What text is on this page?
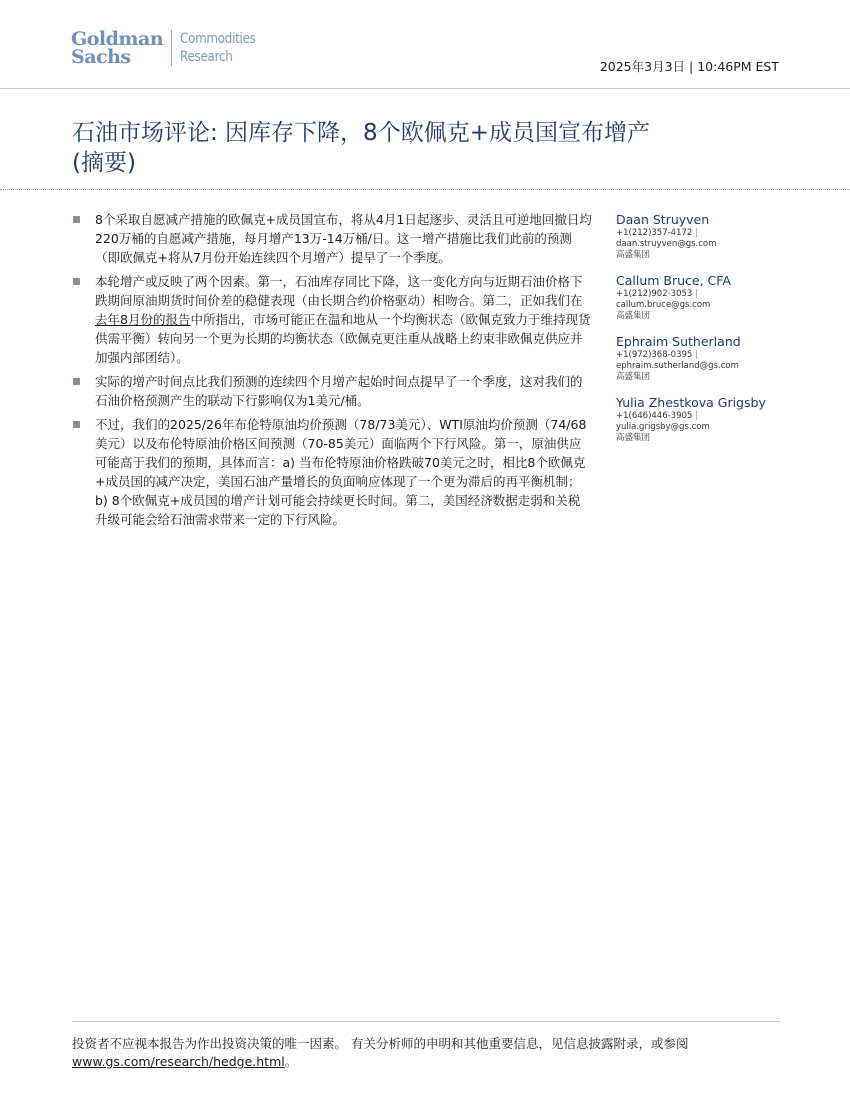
Goldman
Sachs
Commodities
Research
2025年3月3日 | 10:46PM EST
石油市场评论: 因库存下降，8个欧佩克+成员国宣布增产
(摘要)
8个采取自愿减产措施的欧佩克+成员国宣布，将从4月1日起逐步、灵活且可逆地回撤日均220万桶的自愿减产措施，每月增产13万-14万桶/日。这一增产措施比我们此前的预测（即欧佩克+将从7月份开始连续四个月增产）提早了一个季度。
本轮增产或反映了两个因素。第一，石油库存同比下降，这一变化方向与近期石油价格下跌期间原油期货时间价差的稳健表现（由长期合约价格驱动）相吻合。第二，正如我们在去年8月份的报告中所指出，市场可能正在温和地从一个均衡状态（欧佩克致力于维持现货供需平衡）转向另一个更为长期的均衡状态（欧佩克更注重从战略上约束非欧佩克供应并加强内部团结）。
实际的增产时间点比我们预测的连续四个月增产起始时间点提早了一个季度，这对我们的石油价格预测产生的联动下行影响仅为1美元/桶。
不过，我们的2025/26年布伦特原油均价预测（78/73美元）、WTI原油均价预测（74/68美元）以及布伦特原油价格区间预测（70-85美元）面临两个下行风险。第一，原油供应可能高于我们的预期，具体而言：a) 当布伦特原油价格跌破70美元之时，相比8个欧佩克+成员国的减产决定，美国石油产量增长的负面响应体现了一个更为滞后的再平衡机制；b) 8个欧佩克+成员国的增产计划可能会持续更长时间。第二，美国经济数据走弱和关税升级可能会给石油需求带来一定的下行风险。
Daan Struyven
+1(212)357-4172 |
daan.struyven@gs.com
高盛集团
Callum Bruce, CFA
+1(212)902-3053 |
callum.bruce@gs.com
高盛集团
Ephraim Sutherland
+1(972)368-0395 |
ephraim.sutherland@gs.com
高盛集团
Yulia Zhestkova Grigsby
+1(646)446-3905 |
yulia.grigsby@gs.com
高盛集团
投资者不应视本报告为作出投资决策的唯一因素。 有关分析师的申明和其他重要信息，见信息披露附录，或参阅
www.gs.com/research/hedge.html。
